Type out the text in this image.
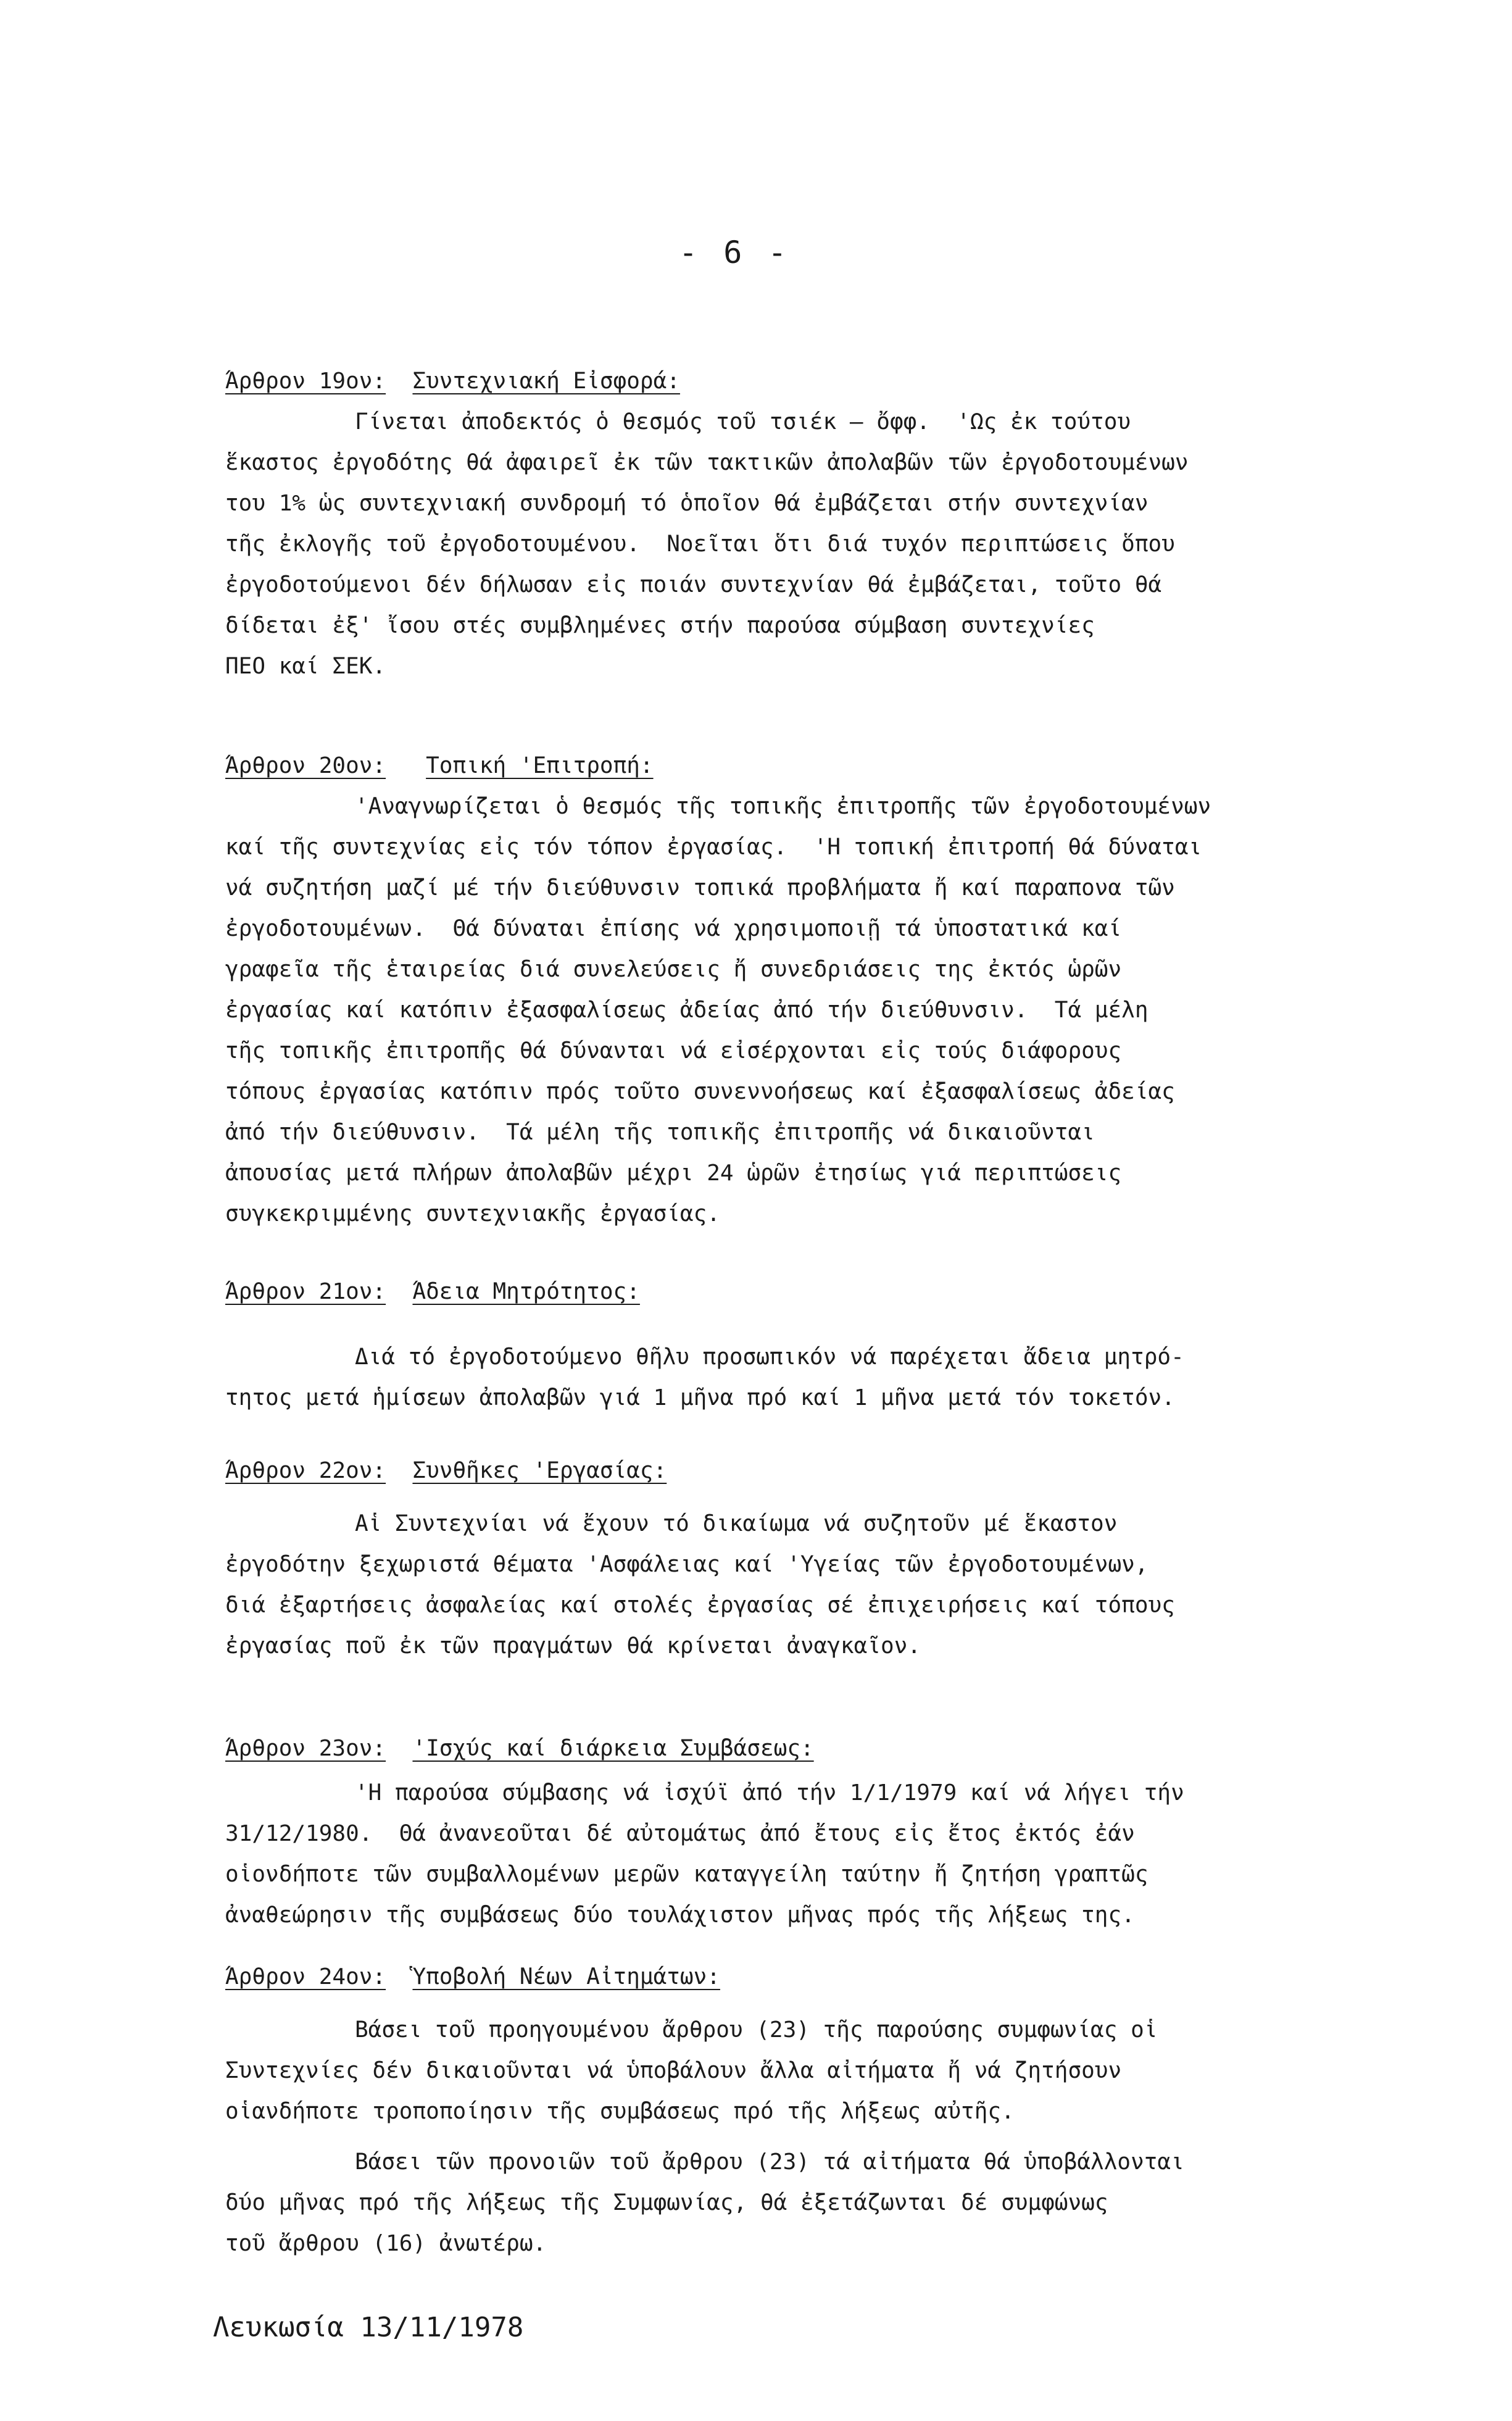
- 6 -
Άρθρον 19ον: Συντεχνιακή Εἰσφορά:
Γίνεται ἀποδεκτός ὁ θεσμός τοῦ τσιέκ – ὄφφ.  'Ως ἐκ τούτου
ἕκαστος ἐργοδότης θά ἀφαιρεῖ ἐκ τῶν τακτικῶν ἀπολαβῶν τῶν ἐργοδοτουμένων
του 1% ὡς συντεχνιακή συνδρομή τό ὁποῖον θά ἐμβάζεται στήν συντεχνίαν
τῆς ἐκλογῆς τοῦ ἐργοδοτουμένου.  Νοεῖται ὅτι διά τυχόν περιπτώσεις ὅπου
ἐργοδοτούμενοι δέν δήλωσαν εἰς ποιάν συντεχνίαν θά ἐμβάζεται, τοῦτο θά
δίδεται ἐξ' ἴσου στές συμβλημένες στήν παρούσα σύμβαση συντεχνίες
ΠΕΟ καί ΣΕΚ.
Άρθρον 20ον: Τοπική 'Επιτροπή:
'Αναγνωρίζεται ὁ θεσμός τῆς τοπικῆς ἐπιτροπῆς τῶν ἐργοδοτουμένων
καί τῆς συντεχνίας εἰς τόν τόπον ἐργασίας.  'Η τοπική ἐπιτροπή θά δύναται
νά συζητήση μαζί μέ τήν διεύθυνσιν τοπικά προβλήματα ἤ καί παραπονα τῶν
ἐργοδοτουμένων.  Θά δύναται ἐπίσης νά χρησιμοποιῇ τά ὑποστατικά καί
γραφεῖα τῆς ἑταιρείας διά συνελεύσεις ἤ συνεδριάσεις της ἐκτός ὡρῶν
ἐργασίας καί κατόπιν ἐξασφαλίσεως ἀδείας ἀπό τήν διεύθυνσιν.  Τά μέλη
τῆς τοπικῆς ἐπιτροπῆς θά δύνανται νά εἰσέρχονται εἰς τούς διάφορους
τόπους ἐργασίας κατόπιν πρός τοῦτο συνεννοήσεως καί ἐξασφαλίσεως ἀδείας
ἀπό τήν διεύθυνσιν.  Τά μέλη τῆς τοπικῆς ἐπιτροπῆς νά δικαιοῦνται
ἀπουσίας μετά πλήρων ἀπολαβῶν μέχρι 24 ὡρῶν ἐτησίως γιά περιπτώσεις
συγκεκριμμένης συντεχνιακῆς ἐργασίας.
Άρθρον 21ον: Άδεια Μητρότητος:
Διά τό ἐργοδοτούμενο θῆλυ προσωπικόν νά παρέχεται ἄδεια μητρό-
τητος μετά ἡμίσεων ἀπολαβῶν γιά 1 μῆνα πρό καί 1 μῆνα μετά τόν τοκετόν.
Άρθρον 22ον: Συνθῆκες 'Εργασίας:
Αἱ Συντεχνίαι νά ἔχουν τό δικαίωμα νά συζητοῦν μέ ἕκαστον
ἐργοδότην ξεχωριστά θέματα 'Ασφάλειας καί 'Υγείας τῶν ἐργοδοτουμένων,
διά ἐξαρτήσεις ἀσφαλείας καί στολές ἐργασίας σέ ἐπιχειρήσεις καί τόπους
ἐργασίας ποῦ ἐκ τῶν πραγμάτων θά κρίνεται ἀναγκαῖον.
Άρθρον 23ον: 'Ισχύς καί διάρκεια Συμβάσεως:
'Η παρούσα σύμβασης νά ἰσχύϊ ἀπό τήν 1/1/1979 καί νά λήγει τήν
31/12/1980.  Θά ἀνανεοῦται δέ αὐτομάτως ἀπό ἔτους εἰς ἔτος ἐκτός ἐάν
οἱονδήποτε τῶν συμβαλλομένων μερῶν καταγγείλη ταύτην ἤ ζητήση γραπτῶς
ἀναθεώρησιν τῆς συμβάσεως δύο τουλάχιστον μῆνας πρός τῆς λήξεως της.
Άρθρον 24ον: Ὑποβολή Νέων Αἰτημάτων:
Βάσει τοῦ προηγουμένου ἄρθρου (23) τῆς παρούσης συμφωνίας οἱ
Συντεχνίες δέν δικαιοῦνται νά ὑποβάλουν ἄλλα αἰτήματα ἤ νά ζητήσουν
οἱανδήποτε τροποποίησιν τῆς συμβάσεως πρό τῆς λήξεως αὐτῆς.
Βάσει τῶν προνοιῶν τοῦ ἄρθρου (23) τά αἰτήματα θά ὑποβάλλονται
δύο μῆνας πρό τῆς λήξεως τῆς Συμφωνίας, θά ἐξετάζωνται δέ συμφώνως
τοῦ ἄρθρου (16) ἀνωτέρω.
Λευκωσία 13/11/1978
